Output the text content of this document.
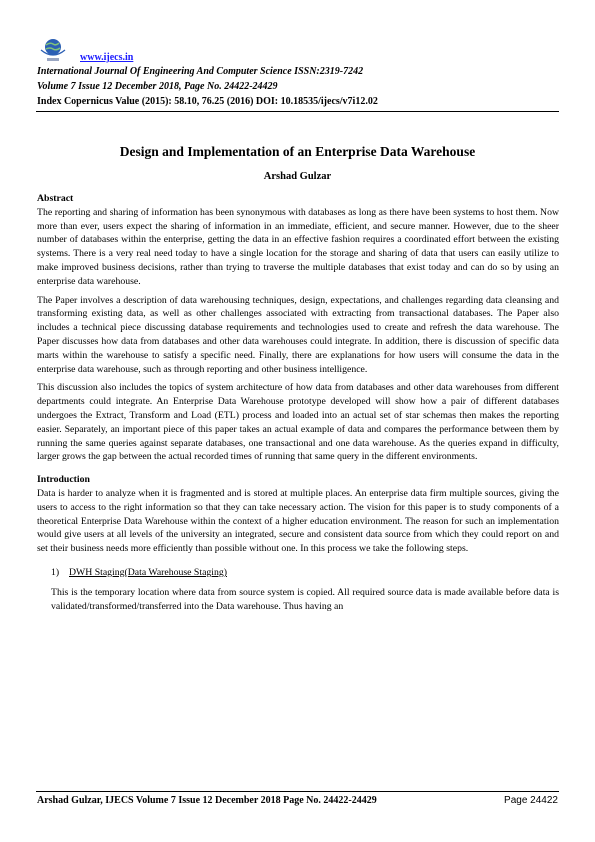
www.ijecs.in
International Journal Of Engineering And Computer Science ISSN:2319-7242
Volume 7 Issue 12 December 2018, Page No. 24422-24429
Index Copernicus Value (2015): 58.10, 76.25 (2016) DOI: 10.18535/ijecs/v7i12.02
Design and Implementation of an Enterprise Data Warehouse
Arshad Gulzar

Abstract

The reporting and sharing of information has been synonymous with databases as long as there have been systems to host them. Now more than ever, users expect the sharing of information in an immediate, efficient, and secure manner. However, due to the sheer number of databases within the enterprise, getting the data in an effective fashion requires a coordinated effort between the existing systems. There is a very real need today to have a single location for the storage and sharing of data that users can easily utilize to make improved business decisions, rather than trying to traverse the multiple databases that exist today and can do so by using an enterprise data warehouse.

The Paper involves a description of data warehousing techniques, design, expectations, and challenges regarding data cleansing and transforming existing data, as well as other challenges associated with extracting from transactional databases. The Paper also includes a technical piece discussing database requirements and technologies used to create and refresh the data warehouse. The Paper discusses how data from databases and other data warehouses could integrate. In addition, there is discussion of specific data marts within the warehouse to satisfy a specific need. Finally, there are explanations for how users will consume the data in the enterprise data warehouse, such as through reporting and other business intelligence.

This discussion also includes the topics of system architecture of how data from databases and other data warehouses from different departments could integrate. An Enterprise Data Warehouse prototype developed will show how a pair of different databases undergoes the Extract, Transform and Load (ETL) process and loaded into an actual set of star schemas then makes the reporting easier. Separately, an important piece of this paper takes an actual example of data and compares the performance between them by running the same queries against separate databases, one transactional and one data warehouse. As the queries expand in difficulty, larger grows the gap between the actual recorded times of running that same query in the different environments.

Introduction

Data is harder to analyze when it is fragmented and is stored at multiple places. An enterprise data firm multiple sources, giving the users to access to the right information so that they can take necessary action. The vision for this paper is to study components of a theoretical Enterprise Data Warehouse within the context of a higher education environment. The reason for such an implementation would give users at all levels of the university an integrated, secure and consistent data source from which they could report on and set their business needs more efficiently than possible without one. In this process we take the following steps.

1) DWH Staging(Data Warehouse Staging)

This is the temporary location where data from source system is copied. All required source data is made available before data is validated/transformed/transferred into the Data warehouse. Thus having an

Arshad Gulzar, IJECS Volume 7 Issue 12 December 2018 Page No. 24422-24429	Page 24422
